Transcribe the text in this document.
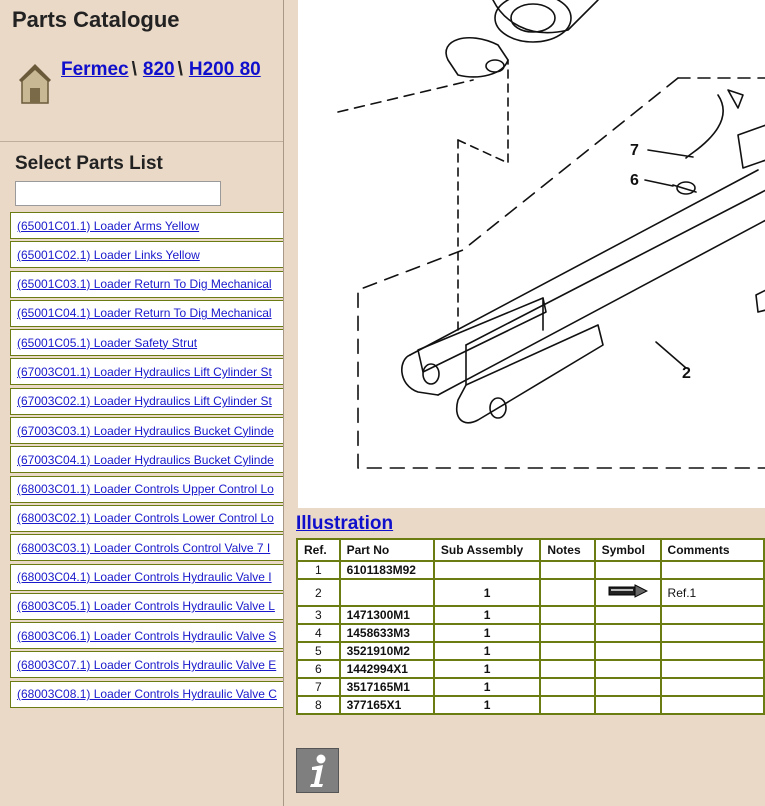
Parts Catalogue
Fermec \ 820 \ H200 80
Select Parts List
(65001C01.1) Loader Arms Yellow
(65001C02.1) Loader Links Yellow
(65001C03.1) Loader Return To Dig Mechanical
(65001C04.1) Loader Return To Dig Mechanical
(65001C05.1) Loader Safety Strut
(67003C01.1) Loader Hydraulics Lift Cylinder St
(67003C02.1) Loader Hydraulics Lift Cylinder St
(67003C03.1) Loader Hydraulics Bucket Cylinde
(67003C04.1) Loader Hydraulics Bucket Cylinde
(68003C01.1) Loader Controls Upper Control Lo
(68003C02.1) Loader Controls Lower Control Lo
(68003C03.1) Loader Controls Control Valve 7 I
(68003C04.1) Loader Controls Hydraulic Valve I
(68003C05.1) Loader Controls Hydraulic Valve L
(68003C06.1) Loader Controls Hydraulic Valve S
(68003C07.1) Loader Controls Hydraulic Valve E
(68003C08.1) Loader Controls Hydraulic Valve C
7
6
2
Illustration
Ref.	Part No	Sub Assembly	Notes	Symbol	Comments
1	6101183M92				
2		1			Ref.1
3	1471300M1	1			
4	1458633M3	1			
5	3521910M2	1			
6	1442994X1	1			
7	3517165M1	1			
8	377165X1	1			
